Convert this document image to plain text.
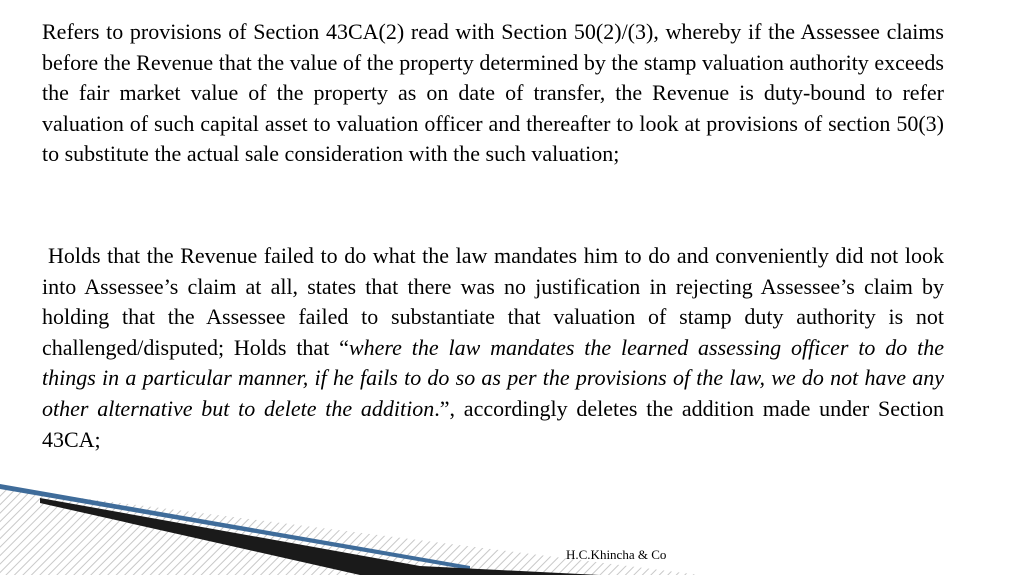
Refers to provisions of Section 43CA(2) read with Section 50(2)/(3), whereby if the Assessee claims before the Revenue that the value of the property determined by the stamp valuation authority exceeds the fair market value of the property as on date of transfer, the Revenue is duty-bound to refer valuation of such capital asset to valuation officer and thereafter to look at provisions of section 50(3) to substitute the actual sale consideration with the such valuation;

Holds that the Revenue failed to do what the law mandates him to do and conveniently did not look into Assessee’s claim at all, states that there was no justification in rejecting Assessee’s claim by holding that the Assessee failed to substantiate that valuation of stamp duty authority is not challenged/disputed; Holds that “where the law mandates the learned assessing officer to do the things in a particular manner, if he fails to do so as per the provisions of the law, we do not have any other alternative but to delete the addition.”, accordingly deletes the addition made under Section 43CA;

H.C.Khincha & Co
